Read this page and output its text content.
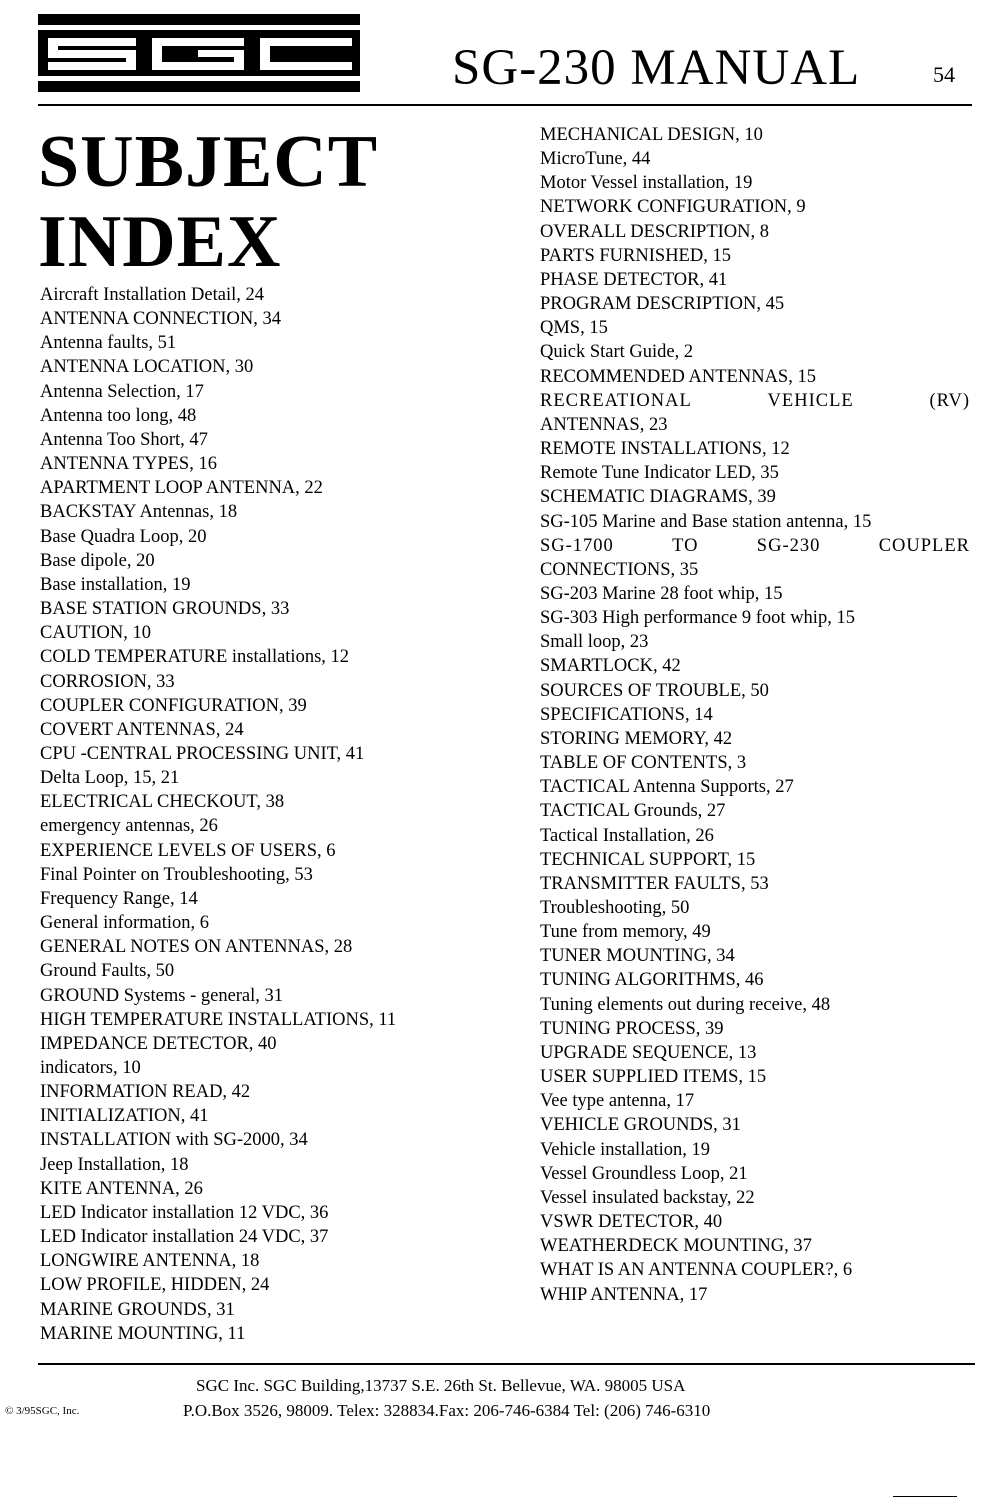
SG-230 MANUAL	54
SUBJECT
INDEX
Aircraft Installation Detail, 24
ANTENNA CONNECTION, 34
Antenna faults, 51
ANTENNA LOCATION, 30
Antenna Selection, 17
Antenna too long, 48
Antenna Too Short, 47
ANTENNA TYPES, 16
APARTMENT LOOP ANTENNA, 22
BACKSTAY Antennas, 18
Base Quadra Loop, 20
Base dipole, 20
Base installation, 19
BASE STATION GROUNDS, 33
CAUTION, 10
COLD TEMPERATURE installations, 12
CORROSION, 33
COUPLER CONFIGURATION, 39
COVERT ANTENNAS, 24
CPU -CENTRAL PROCESSING UNIT, 41
Delta Loop, 15, 21
ELECTRICAL CHECKOUT, 38
emergency antennas, 26
EXPERIENCE LEVELS OF USERS, 6
Final Pointer on Troubleshooting, 53
Frequency Range, 14
General information, 6
GENERAL NOTES ON ANTENNAS, 28
Ground Faults, 50
GROUND Systems - general, 31
HIGH TEMPERATURE INSTALLATIONS, 11
IMPEDANCE DETECTOR, 40
indicators, 10
INFORMATION READ, 42
INITIALIZATION, 41
INSTALLATION with SG-2000, 34
Jeep Installation, 18
KITE ANTENNA, 26
LED Indicator installation 12 VDC, 36
LED Indicator installation 24 VDC, 37
LONGWIRE ANTENNA, 18
LOW PROFILE, HIDDEN, 24
MARINE GROUNDS, 31
MARINE MOUNTING, 11
MECHANICAL DESIGN, 10
MicroTune, 44
Motor Vessel installation, 19
NETWORK CONFIGURATION, 9
OVERALL DESCRIPTION, 8
PARTS FURNISHED, 15
PHASE DETECTOR, 41
PROGRAM DESCRIPTION, 45
QMS, 15
Quick Start Guide, 2
RECOMMENDED ANTENNAS, 15
RECREATIONAL	VEHICLE	(RV)
ANTENNAS, 23
REMOTE INSTALLATIONS, 12
Remote Tune Indicator LED, 35
SCHEMATIC DIAGRAMS, 39
SG-105 Marine and Base station antenna, 15
SG-1700	TO	SG-230	COUPLER
CONNECTIONS, 35
SG-203 Marine 28 foot whip, 15
SG-303 High performance 9 foot whip, 15
Small loop, 23
SMARTLOCK, 42
SOURCES OF TROUBLE, 50
SPECIFICATIONS, 14
STORING MEMORY, 42
TABLE OF CONTENTS, 3
TACTICAL Antenna Supports, 27
TACTICAL Grounds, 27
Tactical Installation, 26
TECHNICAL SUPPORT, 15
TRANSMITTER FAULTS, 53
Troubleshooting, 50
Tune from memory, 49
TUNER MOUNTING, 34
TUNING ALGORITHMS, 46
Tuning elements out during receive, 48
TUNING PROCESS, 39
UPGRADE SEQUENCE, 13
USER SUPPLIED ITEMS, 15
Vee type antenna, 17
VEHICLE GROUNDS, 31
Vehicle installation, 19
Vessel Groundless Loop, 21
Vessel insulated backstay, 22
VSWR DETECTOR, 40
WEATHERDECK MOUNTING, 37
WHAT IS AN ANTENNA COUPLER?, 6
WHIP ANTENNA, 17
SGC Inc. SGC Building,13737 S.E. 26th St. Bellevue, WA. 98005 USA
P.O.Box 3526, 98009. Telex: 328834.Fax: 206-746-6384 Tel: (206) 746-6310
© 3/95SGC, Inc.
